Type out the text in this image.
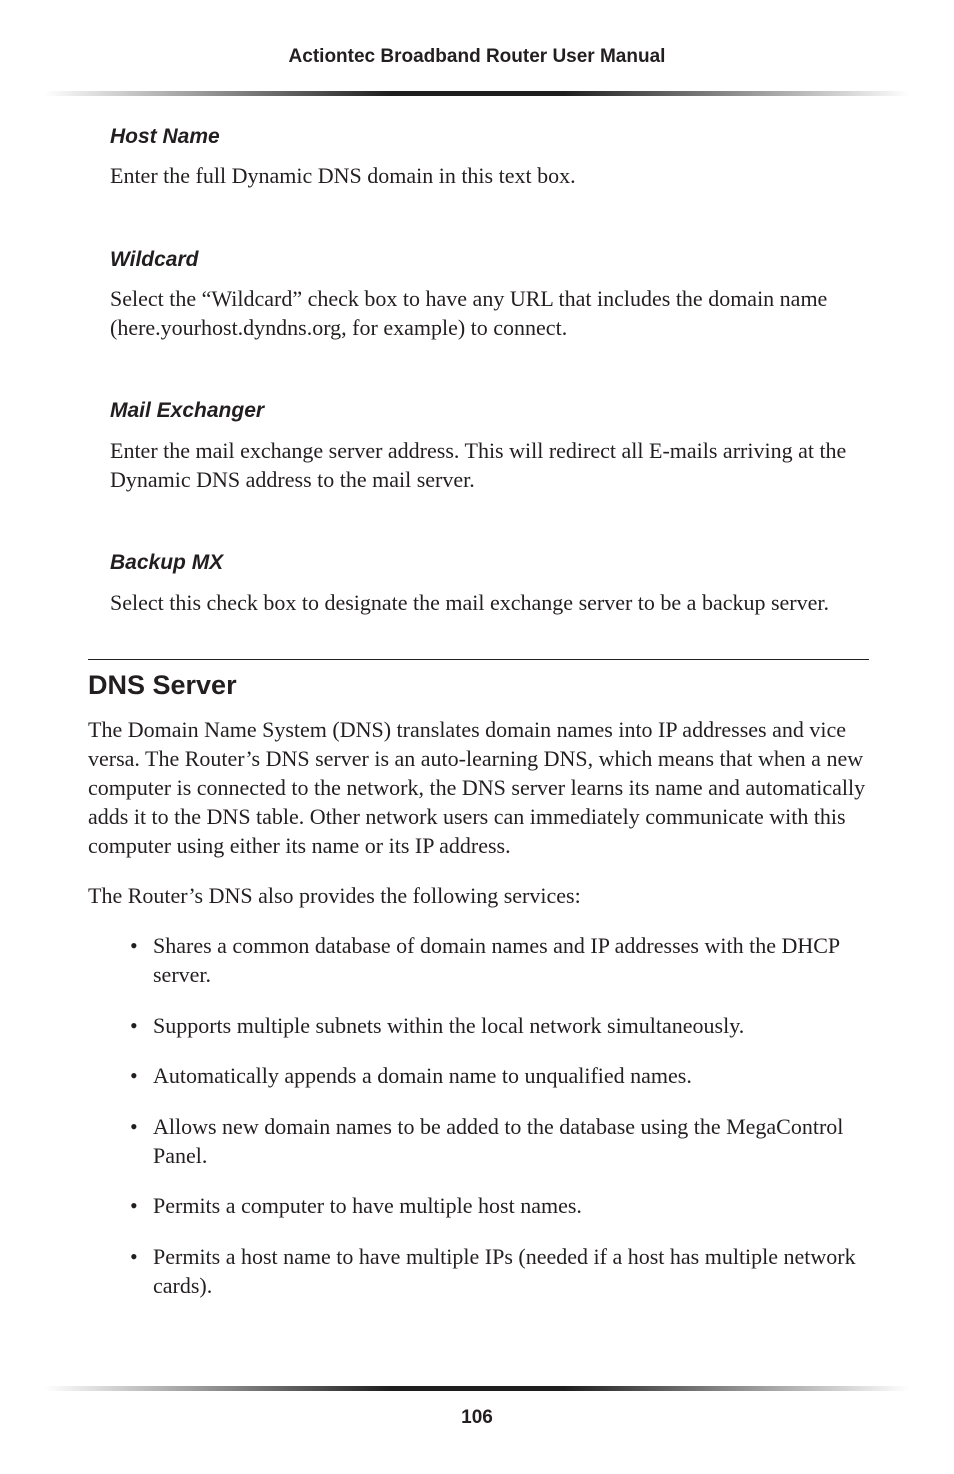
Actiontec Broadband Router User Manual
Host Name
Enter the full Dynamic DNS domain in this text box.
Wildcard
Select the “Wildcard” check box to have any URL that includes the domain name (here.yourhost.dyndns.org, for example) to connect.
Mail Exchanger
Enter the mail exchange server address. This will redirect all E-mails arriving at the Dynamic DNS address to the mail server.
Backup MX
Select this check box to designate the mail exchange server to be a backup server.
DNS Server
The Domain Name System (DNS) translates domain names into IP addresses and vice versa. The Router’s DNS server is an auto-learning DNS, which means that when a new computer is connected to the network, the DNS server learns its name and automatically adds it to the DNS table. Other network users can immediately communicate with this computer using either its name or its IP address.
The Router’s DNS also provides the following services:
• Shares a common database of domain names and IP addresses with the DHCP server.
• Supports multiple subnets within the local network simultaneously.
• Automatically appends a domain name to unqualified names.
• Allows new domain names to be added to the database using the MegaControl Panel.
• Permits a computer to have multiple host names.
• Permits a host name to have multiple IPs (needed if a host has multiple network cards).
106
